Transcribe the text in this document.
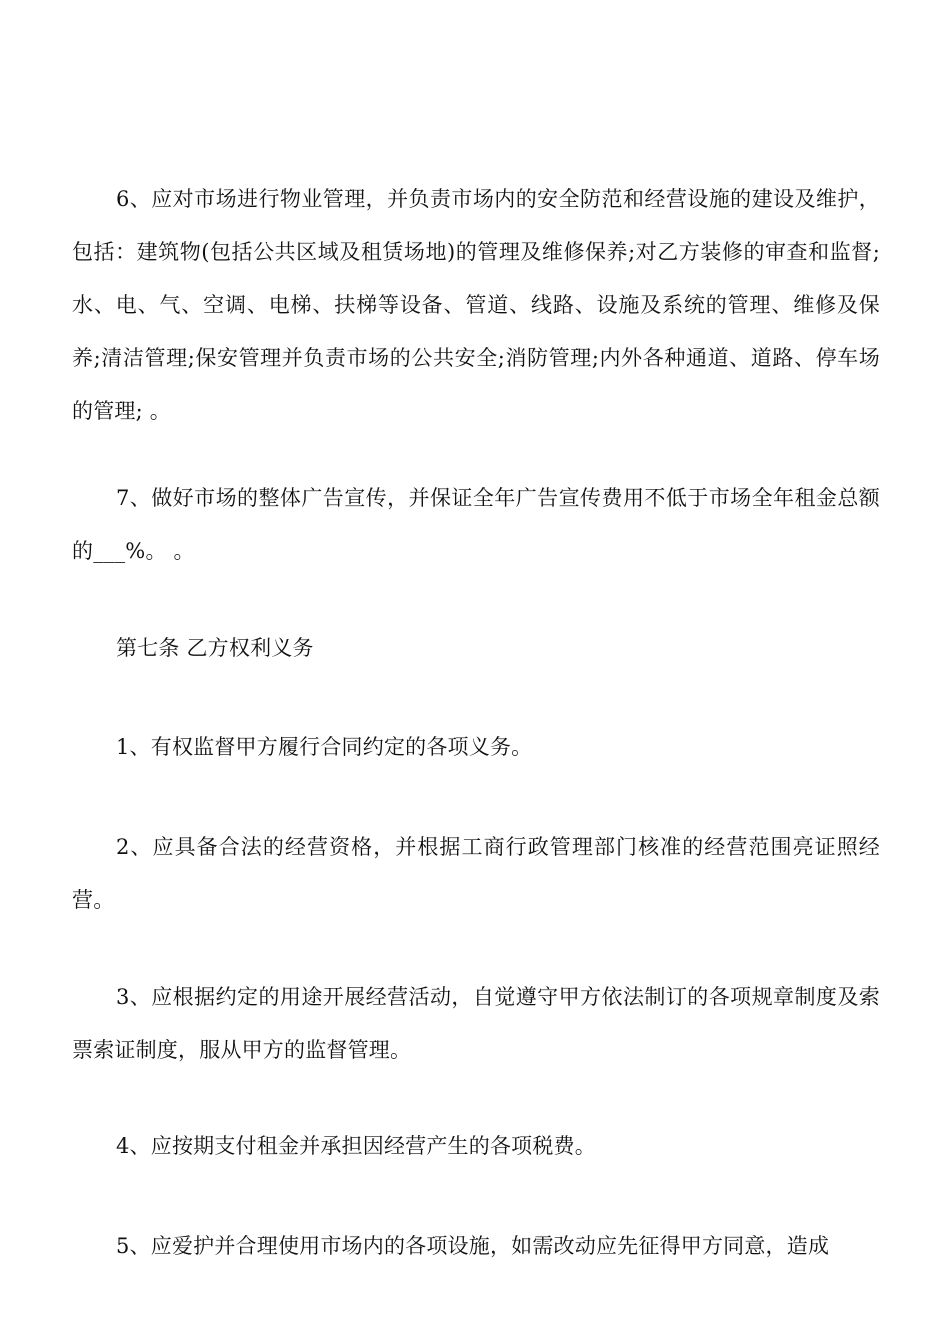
6、应对市场进行物业管理，并负责市场内的安全防范和经营设施的建设及维护，包括：建筑物(包括公共区域及租赁场地)的管理及维修保养;对乙方装修的审查和监督;水、电、气、空调、电梯、扶梯等设备、管道、线路、设施及系统的管理、维修及保养;清洁管理;保安管理并负责市场的公共安全;消防管理;内外各种通道、道路、停车场的管理; 。

7、做好市场的整体广告宣传，并保证全年广告宣传费用不低于市场全年租金总额的___%。 。

第七条 乙方权利义务

1、有权监督甲方履行合同约定的各项义务。

2、应具备合法的经营资格，并根据工商行政管理部门核准的经营范围亮证照经营。

3、应根据约定的用途开展经营活动，自觉遵守甲方依法制订的各项规章制度及索票索证制度，服从甲方的监督管理。

4、应按期支付租金并承担因经营产生的各项税费。

5、应爱护并合理使用市场内的各项设施，如需改动应先征得甲方同意，造成
